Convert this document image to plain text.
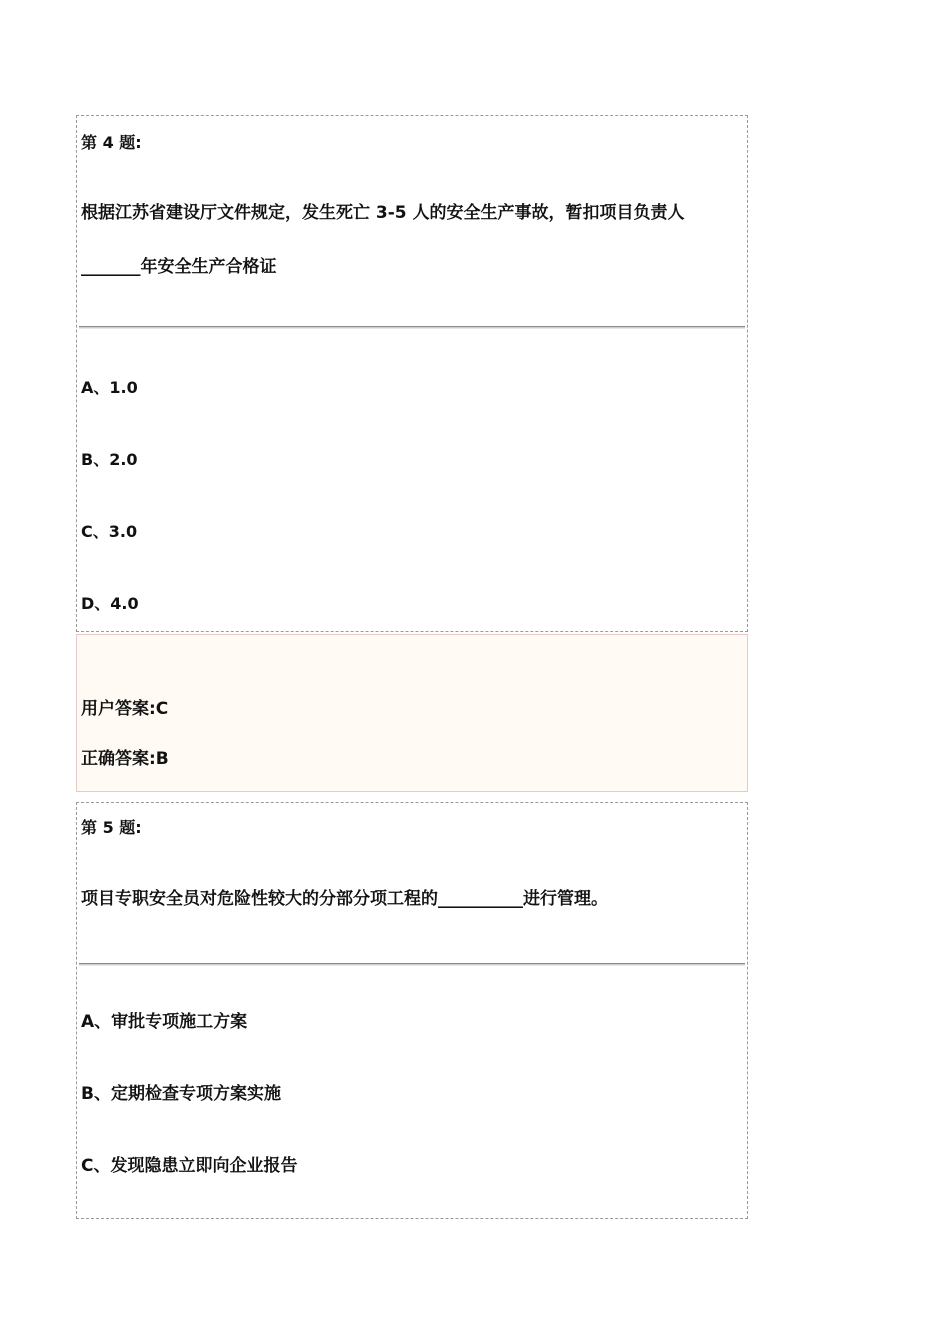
第 4 题:
根据江苏省建设厅文件规定，发生死亡 3-5 人的安全生产事故，暂扣项目负责人
_______年安全生产合格证
A、1.0
B、2.0
C、3.0
D、4.0
用户答案:C
正确答案:B
第 5 题:
项目专职安全员对危险性较大的分部分项工程的__________进行管理。
A、审批专项施工方案
B、定期检查专项方案实施
C、发现隐患立即向企业报告
